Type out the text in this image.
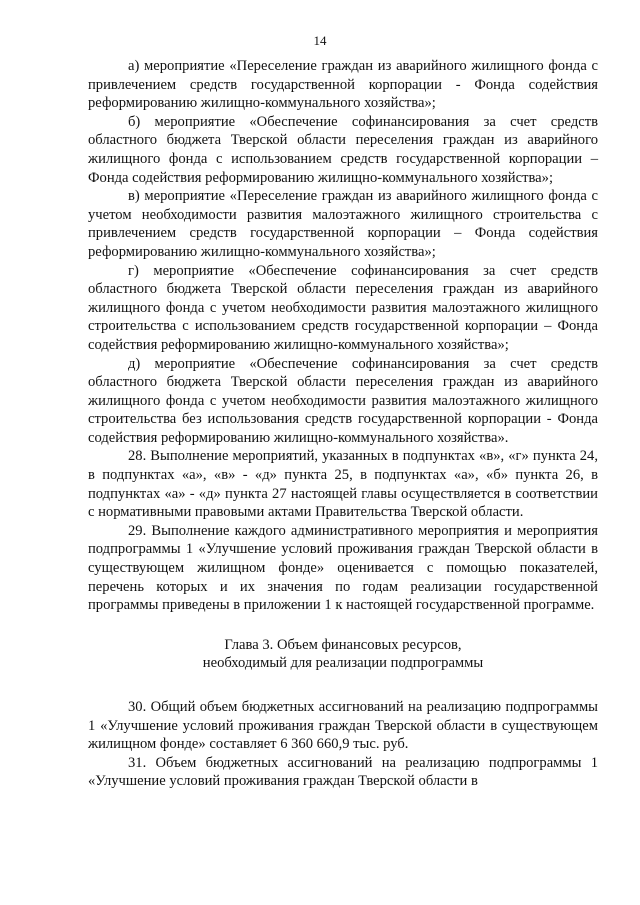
14

а) мероприятие «Переселение граждан из аварийного жилищного фонда с привлечением средств государственной корпорации - Фонда содействия реформированию жилищно-коммунального хозяйства»;

б) мероприятие «Обеспечение софинансирования за счет средств областного бюджета Тверской области переселения граждан из аварийного жилищного фонда с использованием средств государственной корпорации – Фонда содействия реформированию жилищно-коммунального хозяйства»;

в) мероприятие «Переселение граждан из аварийного жилищного фонда с учетом необходимости развития малоэтажного жилищного строительства с привлечением средств государственной корпорации – Фонда содействия реформированию жилищно-коммунального хозяйства»;

г) мероприятие «Обеспечение софинансирования за счет средств областного бюджета Тверской области переселения граждан из аварийного жилищного фонда с учетом необходимости развития малоэтажного жилищного строительства с использованием средств государственной корпорации – Фонда содействия реформированию жилищно-коммунального хозяйства»;

д) мероприятие «Обеспечение софинансирования за счет средств областного бюджета Тверской области переселения граждан из аварийного жилищного фонда с учетом необходимости развития малоэтажного жилищного строительства без использования средств государственной корпорации - Фонда содействия реформированию жилищно-коммунального хозяйства».

28. Выполнение мероприятий, указанных в подпунктах «в», «г» пункта 24, в подпунктах «а», «в» - «д» пункта 25, в подпунктах «а», «б» пункта 26, в подпунктах «а» - «д» пункта 27 настоящей главы осуществляется в соответствии с нормативными правовыми актами Правительства Тверской области.

29. Выполнение каждого административного мероприятия и мероприятия подпрограммы 1 «Улучшение условий проживания граждан Тверской области в существующем жилищном фонде» оценивается с помощью показателей, перечень которых и их значения по годам реализации государственной программы приведены в приложении 1 к настоящей государственной программе.

Глава 3. Объем финансовых ресурсов,
необходимый для реализации подпрограммы

30. Общий объем бюджетных ассигнований на реализацию подпрограммы 1 «Улучшение условий проживания граждан Тверской области в существующем жилищном фонде» составляет 6 360 660,9 тыс. руб.

31. Объем бюджетных ассигнований на реализацию подпрограммы 1 «Улучшение условий проживания граждан Тверской области в
